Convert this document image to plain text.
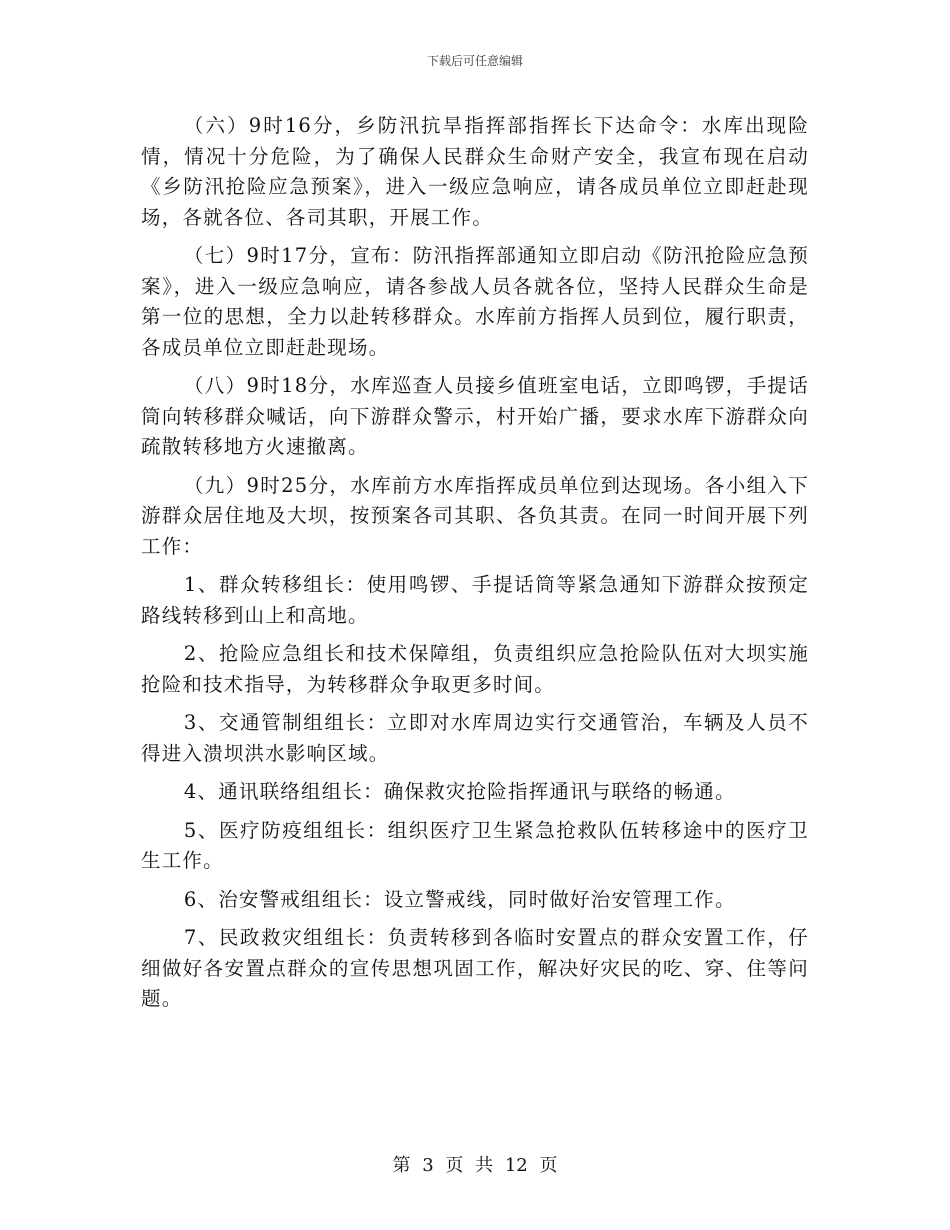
下载后可任意编辑

（六）9时16分，乡防汛抗旱指挥部指挥长下达命令：水库出现险情，情况十分危险，为了确保人民群众生命财产安全，我宣布现在启动《乡防汛抢险应急预案》，进入一级应急响应，请各成员单位立即赶赴现场，各就各位、各司其职，开展工作。

（七）9时17分，宣布：防汛指挥部通知立即启动《防汛抢险应急预案》，进入一级应急响应，请各参战人员各就各位，坚持人民群众生命是第一位的思想，全力以赴转移群众。水库前方指挥人员到位，履行职责，各成员单位立即赶赴现场。

（八）9时18分，水库巡查人员接乡值班室电话，立即鸣锣，手提话筒向转移群众喊话，向下游群众警示，村开始广播，要求水库下游群众向疏散转移地方火速撤离。

（九）9时25分，水库前方水库指挥成员单位到达现场。各小组入下游群众居住地及大坝，按预案各司其职、各负其责。在同一时间开展下列工作：

1、群众转移组长：使用鸣锣、手提话筒等紧急通知下游群众按预定路线转移到山上和高地。

2、抢险应急组长和技术保障组，负责组织应急抢险队伍对大坝实施抢险和技术指导，为转移群众争取更多时间。

3、交通管制组组长：立即对水库周边实行交通管治，车辆及人员不得进入溃坝洪水影响区域。

4、通讯联络组组长：确保救灾抢险指挥通讯与联络的畅通。

5、医疗防疫组组长：组织医疗卫生紧急抢救队伍转移途中的医疗卫生工作。

6、治安警戒组组长：设立警戒线，同时做好治安管理工作。

7、民政救灾组组长：负责转移到各临时安置点的群众安置工作，仔细做好各安置点群众的宣传思想巩固工作，解决好灾民的吃、穿、住等问题。

第 3 页 共 12 页
